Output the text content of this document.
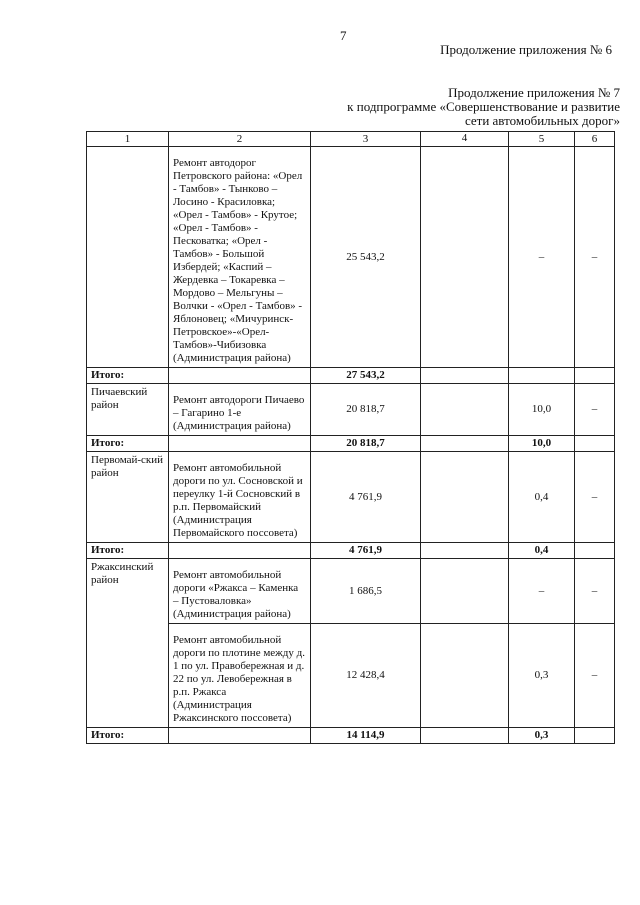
7
Продолжение приложения № 6
Продолжение приложения № 7
к подпрограмме «Совершенствование и развитие
сети автомобильных дорог»
1	2	3	4	5	6

	Ремонт автодорог Петровского района: «Орел - Тамбов» - Тынково – Лосино - Красиловка; «Орел - Тамбов» - Крутое; «Орел - Тамбов» - Песковатка; «Орел - Тамбов» - Большой Избердей; «Каспий – Жердевка – Токаревка – Мордово – Мельгуны – Волчки - «Орел - Тамбов» - Яблоновец; «Мичуринск-Петровское»-«Орел-Тамбов»-Чибизовка (Администрация района)	25 543,2		–	–
Итого:		27 543,2			
Пичаевский район	Ремонт автодороги Пичаево – Гагарино 1-е (Администрация района)	20 818,7		10,0	–
Итого:		20 818,7		10,0	
Первомай-ский район	Ремонт автомобильной дороги по ул. Сосновской и переулку 1-й Сосновский в р.п. Первомайский (Администрация Первомайского поссовета)	4 761,9		0,4	–
Итого:		4 761,9		0,4	
Ржаксинский район	Ремонт автомобильной дороги «Ржакса – Каменка – Пустоваловка» (Администрация района)	1 686,5		–	–

	Ремонт автомобильной дороги по плотине между д. 1 по ул. Правобережная и д. 22 по ул. Левобережная в р.п. Ржакса (Администрация Ржаксинского поссовета)	12 428,4		0,3	–
Итого:		14 114,9		0,3	
